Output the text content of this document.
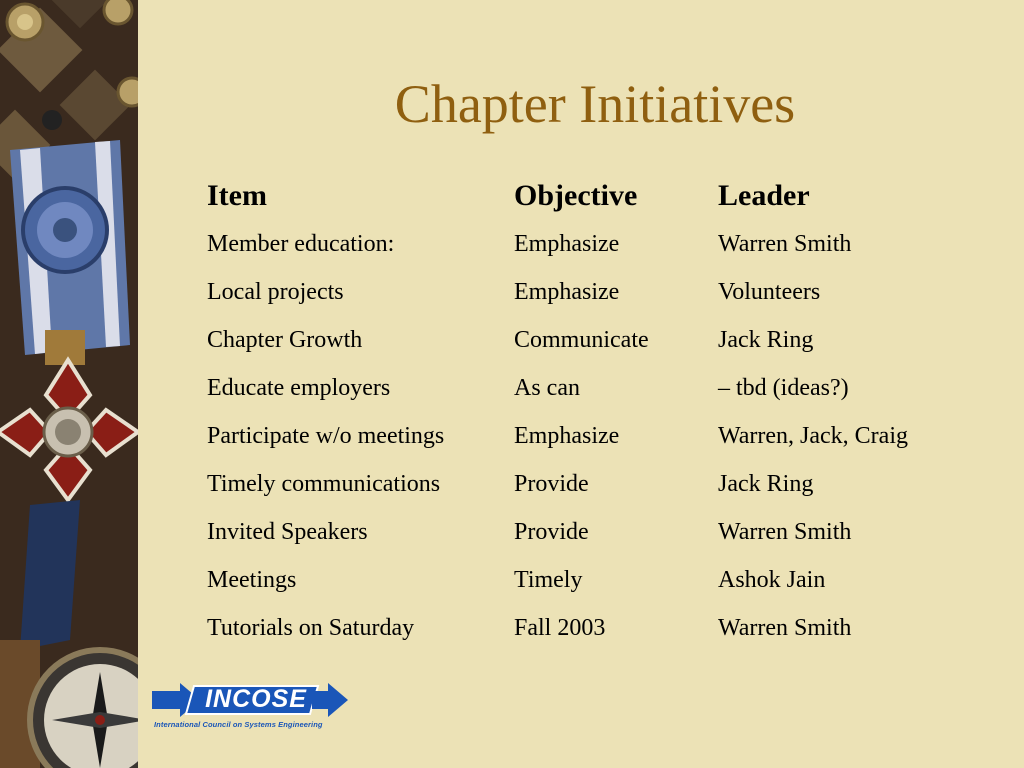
Chapter Initiatives
Item	Objective	Leader
Member education:	Emphasize	Warren Smith
Local projects	Emphasize	Volunteers
Chapter Growth	Communicate	Jack Ring
Educate employers	As can	– tbd (ideas?)
Participate w/o meetings	Emphasize	Warren, Jack, Craig
Timely communications	Provide	Jack Ring
Invited Speakers	Provide	Warren Smith
Meetings	Timely	Ashok Jain
Tutorials on Saturday	Fall 2003	Warren Smith
INCOSE
International Council on Systems Engineering
